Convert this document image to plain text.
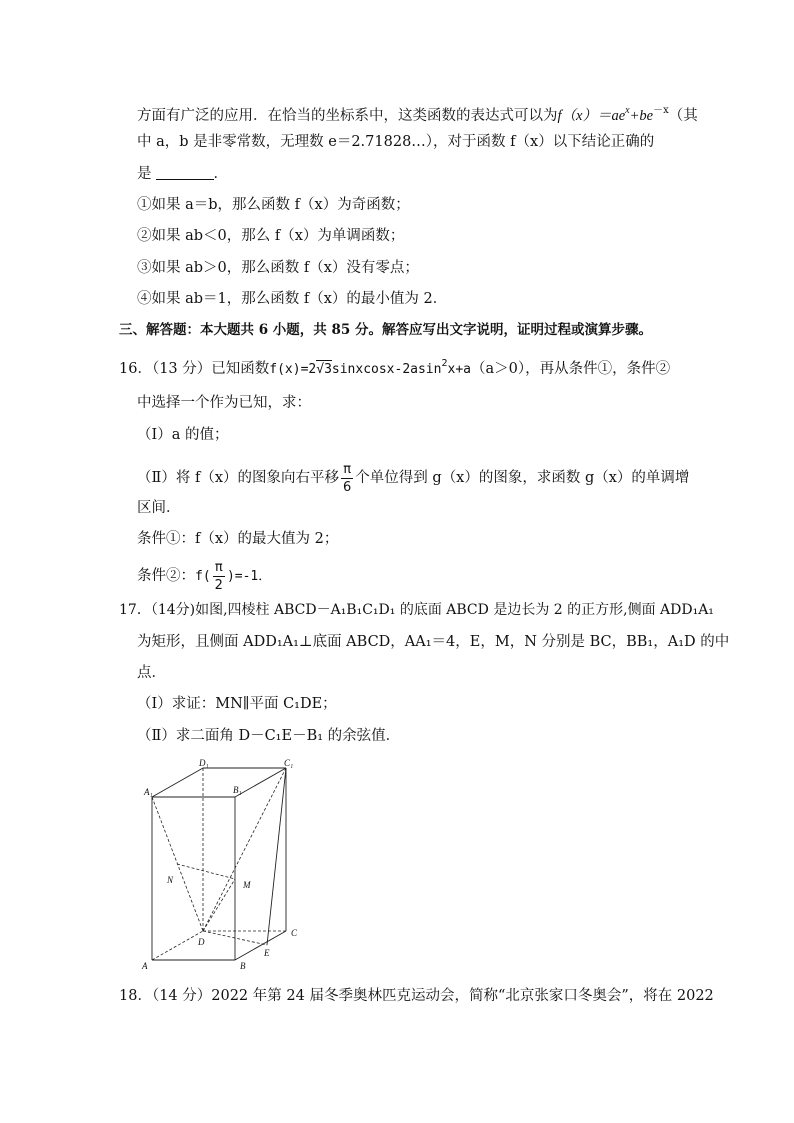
方面有广泛的应用．在恰当的坐标系中，这类函数的表达式可以为$f(x)=ae^x+be^{-x}$（其
中 a，b 是非零常数，无理数 e＝2.71828…），对于函数 f（x）以下结论正确的
是	．
①如果 a＝b，那么函数 f（x）为奇函数；
②如果 ab＜0，那么 f（x）为单调函数；
③如果 ab＞0，那么函数 f（x）没有零点；
④如果 ab＝1，那么函数 f（x）的最小值为 2．
三、解答题：本大题共 6 小题，共 85 分。解答应写出文字说明，证明过程或演算步骤。
16．（13 分）已知函数f(x)=2√3sinxcosx-2asin$^2$x+a（a＞0），再从条件①，条件②
中选择一个作为已知，求：
（Ⅰ）a 的值；
（Ⅱ）将 f（x）的图象向右平移 $\frac{\pi}{6}$ 个单位得到 g（x）的图象，求函数 g（x）的单调增
区间．
条件①：f（x）的最大值为 2；
条件②：$f( \frac{\pi}{2} )=-1$．
17．（14分)如图,四棱柱 ABCD－A₁B₁C₁D₁ 的底面 ABCD 是边长为 2 的正方形,侧面 ADD₁A₁
为矩形，且侧面 ADD₁A₁⊥底面 ABCD，AA₁＝4，E，M，N 分别是 BC，BB₁，A₁D 的中
点．
（Ⅰ）求证：MN∥平面 C₁DE；
（Ⅱ）求二面角 D－C₁E－B₁ 的余弦值．
A₁	B₁
C₁
D₁
A	B
C
D
E
M
N
18．（14 分）2022 年第 24 届冬季奥林匹克运动会，简称“北京张家口冬奥会”，将在 2022
